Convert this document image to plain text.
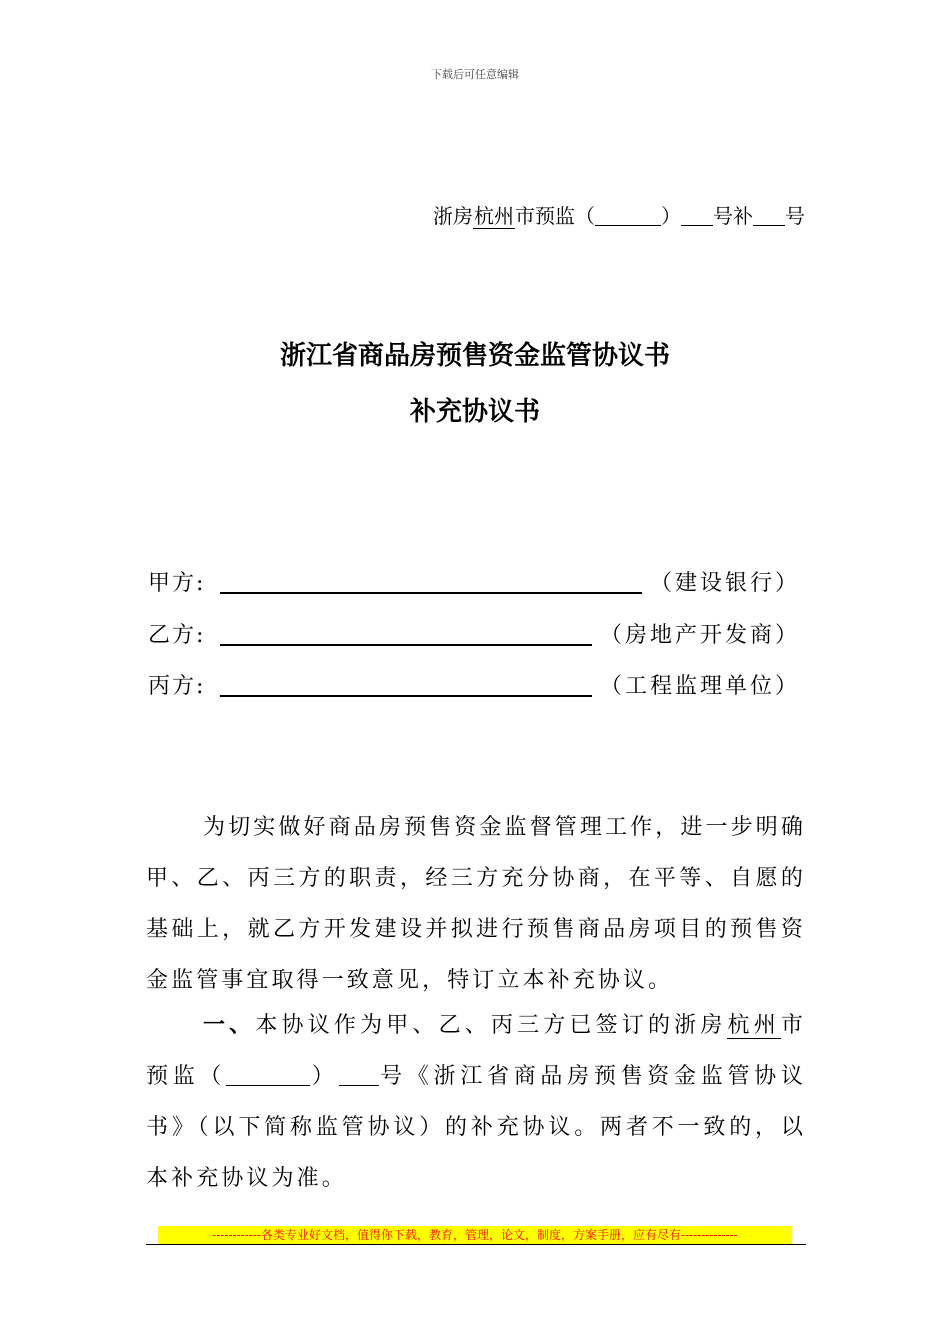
下载后可任意编辑
浙房杭州市预监（	） 号补 号
浙江省商品房预售资金监管协议书
补充协议书
甲方:	（建设银行）
乙方:	（房地产开发商）
丙方:	（工程监理单位）

为切实做好商品房预售资金监督管理工作，进一步明确甲、乙、丙三方的职责，经三方充分协商，在平等、自愿的基础上，就乙方开发建设并拟进行预售商品房项目的预售资金监管事宜取得一致意见，特订立本补充协议。

一、本协议作为甲、乙、丙三方已签订的浙房杭州市预监（	） 号《浙江省商品房预售资金监管协议书》（以下简称监管协议）的补充协议。两者不一致的，以本补充协议为准。

------------各类专业好文档，值得你下载，教育，管理，论文，制度，方案手册，应有尽有--------------
